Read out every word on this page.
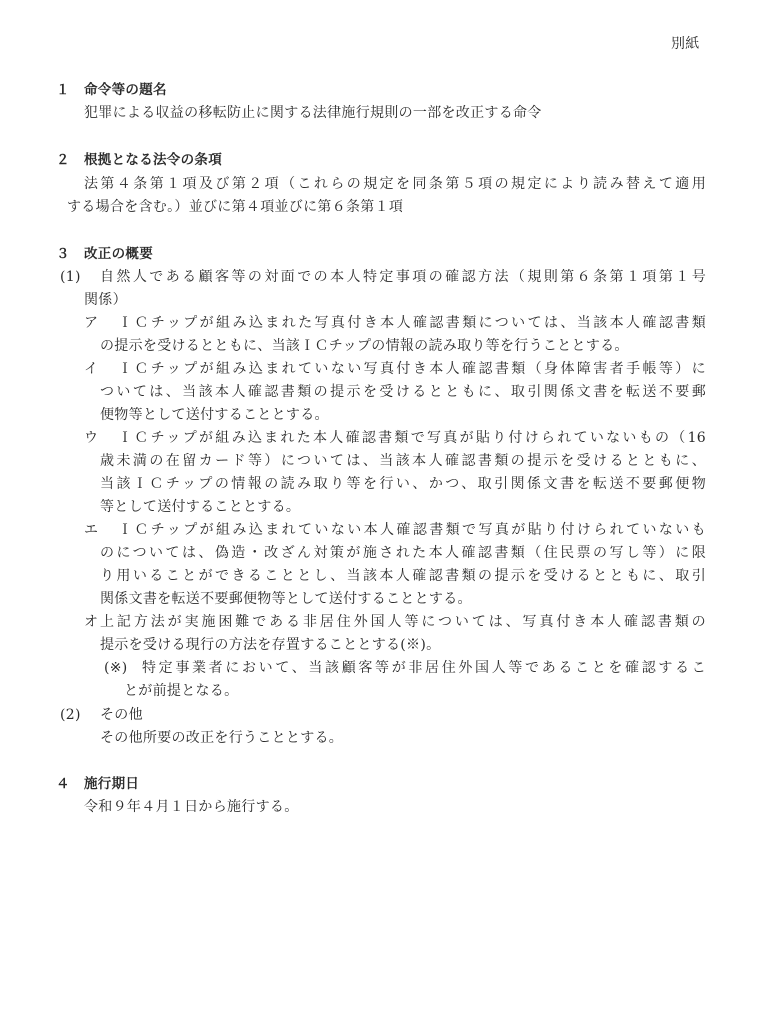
別紙
１ 命令等の題名
犯罪による収益の移転防止に関する法律施行規則の一部を改正する命令
２ 根拠となる法令の条項
法第４条第１項及び第２項（これらの規定を同条第５項の規定により読み替えて適用
する場合を含む。）並びに第４項並びに第６条第１項
３ 改正の概要
(1) 自然人である顧客等の対面での本人特定事項の確認方法（規則第６条第１項第１号
関係）
ア ＩＣチップが組み込まれた写真付き本人確認書類については、当該本人確認書類
の提示を受けるとともに、当該ＩＣチップの情報の読み取り等を行うこととする。
イ ＩＣチップが組み込まれていない写真付き本人確認書類（身体障害者手帳等）に
ついては、当該本人確認書類の提示を受けるとともに、取引関係文書を転送不要郵
便物等として送付することとする。
ウ ＩＣチップが組み込まれた本人確認書類で写真が貼り付けられていないもの（16
歳未満の在留カード等）については、当該本人確認書類の提示を受けるとともに、
当該ＩＣチップの情報の読み取り等を行い、かつ、取引関係文書を転送不要郵便物
等として送付することとする。
エ ＩＣチップが組み込まれていない本人確認書類で写真が貼り付けられていないも
のについては、偽造・改ざん対策が施された本人確認書類（住民票の写し等）に限
り用いることができることとし、当該本人確認書類の提示を受けるとともに、取引
関係文書を転送不要郵便物等として送付することとする。
オ 上記方法が実施困難である非居住外国人等については、写真付き本人確認書類の
提示を受ける現行の方法を存置することとする(※)。
(※) 特定事業者において、当該顧客等が非居住外国人等であることを確認するこ
とが前提となる。
(2) その他
その他所要の改正を行うこととする。
４ 施行期日
令和９年４月１日から施行する。
